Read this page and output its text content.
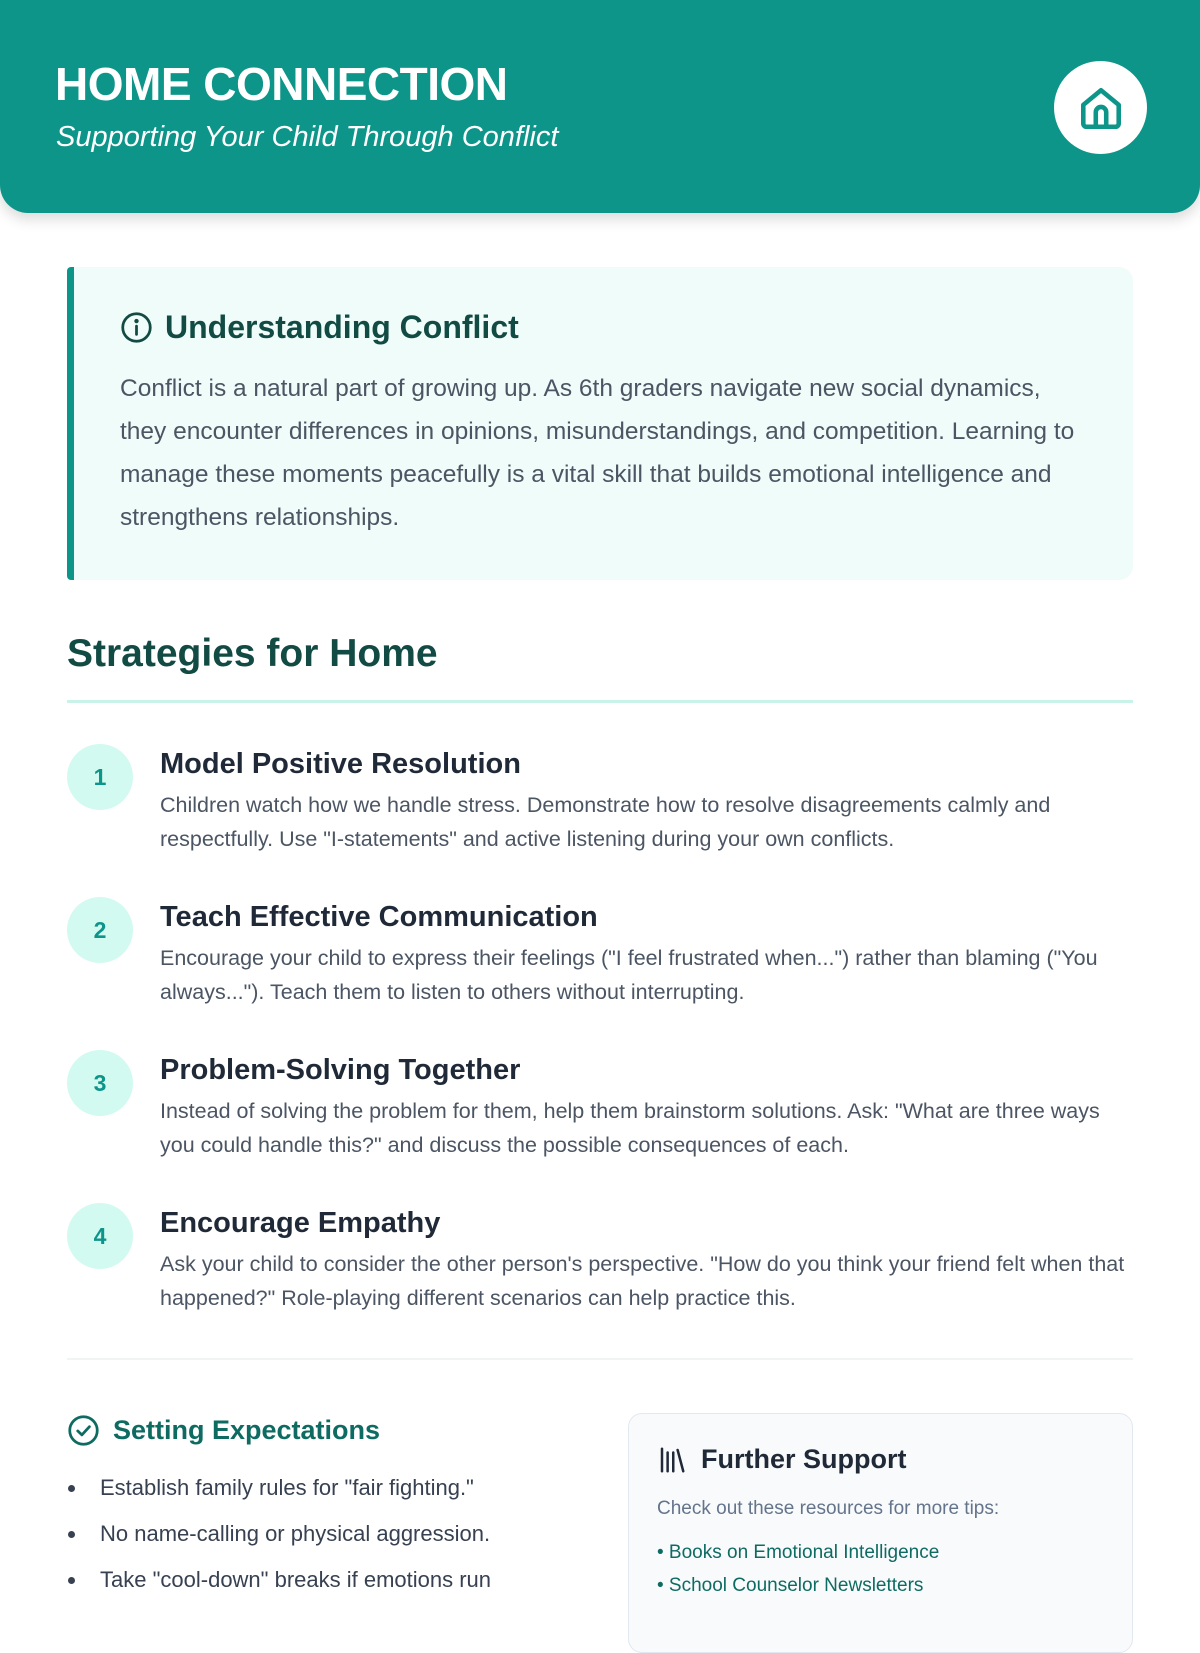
HOME CONNECTION

Supporting Your Child Through Conflict

Understanding Conflict

Conflict is a natural part of growing up. As 6th graders navigate new social dynamics, they encounter differences in opinions, misunderstandings, and competition. Learning to manage these moments peacefully is a vital skill that builds emotional intelligence and strengthens relationships.

Strategies for Home
1	Model Positive Resolution

Children watch how we handle stress. Demonstrate how to resolve disagreements calmly and respectfully. Use "I-statements" and active listening during your own conflicts.

2	Teach Effective Communication

Encourage your child to express their feelings ("I feel frustrated when...") rather than blaming ("You always..."). Teach them to listen to others without interrupting.

3	Problem-Solving Together

Instead of solving the problem for them, help them brainstorm solutions. Ask: "What are three ways you could handle this?" and discuss the possible consequences of each.

4	Encourage Empathy

Ask your child to consider the other person's perspective. "How do you think your friend felt when that happened?" Role-playing different scenarios can help practice this.

Setting Expectations
Establish family rules for "fair fighting."
No name-calling or physical aggression.
Take "cool-down" breaks if emotions run
Further Support

Check out these resources for more tips:

• Books on Emotional Intelligence
• School Counselor Newsletters
